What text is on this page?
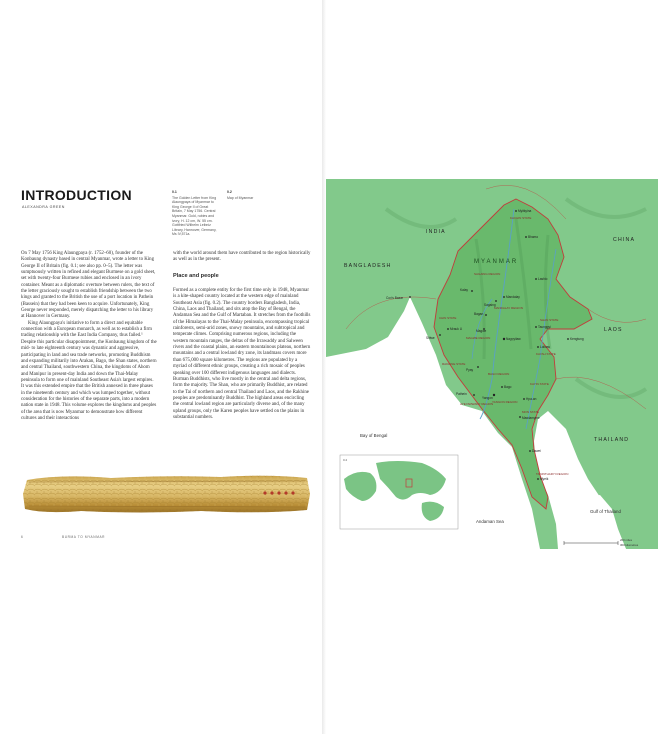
INTRODUCTION
ALEXANDRA GREEN
0.1
The Golden Letter from King Alaungpaya of Myanmar to King George II of Great Britain, 7 May 1756. Central Myanmar. Gold, rubies and ivory, H. 12 cm, W. 55 cm. Gottfried Wilhelm Leibniz Library, Hannover, Germany, Ms IV,571a.
0.2
Map of Myanmar

On 7 May 1756 King Alaungpaya (r. 1752–60), founder of the Konbaung dynasty based in central Myanmar, wrote a letter to King George II of Britain (fig. 0.1; see also pp. 0–5). The letter was sumptuously written in refined and elegant Burmese on a gold sheet, set with twenty-four Burmese rubies and enclosed in an ivory container. Meant as a diplomatic overture between rulers, the text of the letter graciously sought to establish friendship between the two kings and granted to the British the use of a port location in Pathein (Bassein) that they had been keen to acquire. Unfortunately, King George never responded, merely dispatching the letter to his library at Hannover in Germany.

King Alaungpaya's initiative to form a direct and equitable connection with a European monarch, as well as to establish a firm trading relationship with the East India Company, thus failed.¹ Despite this particular disappointment, the Konbaung kingdom of the mid- to late eighteenth century was dynamic and aggressive, participating in land and sea trade networks, promoting Buddhism and expanding militarily into Arakan, Bago, the Shan states, northern and central Thailand, southwestern China, the kingdoms of Ahom and Manipur in present-day India and down the Thai-Malay peninsula to form one of mainland Southeast Asia's largest empires. It was this extended empire that the British annexed in three phases in the nineteenth century and which was lumped together, without consideration for the histories of the separate parts, into a modern nation state in 1948. This volume explores the kingdoms and peoples of the area that is now Myanmar to demonstrate how different cultures and their interactions

with the world around them have contributed to the region historically as well as in the present.

Place and people

Formed as a complete entity for the first time only in 1948, Myanmar is a kite-shaped country located at the western edge of mainland Southeast Asia (fig. 0.2). The country borders Bangladesh, India, China, Laos and Thailand, and sits atop the Bay of Bengal, the Andaman Sea and the Gulf of Martaban. It stretches from the foothills of the Himalayas to the Thai-Malay peninsula, encompassing tropical rainforests, semi-arid zones, snowy mountains, and subtropical and temperate climes. Comprising numerous regions, including the western mountain ranges, the deltas of the Irrawaddy and Salween rivers and the coastal plains, an eastern mountainous plateau, northern mountains and a central lowland dry zone, its landmass covers more than 675,000 square kilometres. The regions are populated by a myriad of different ethnic groups, creating a rich mosaic of peoples speaking over 100 different indigenous languages and dialects. Burman Buddhists, who live mostly in the central and delta regions, form the majority. The Shan, who are primarily Buddhist, are related to the Tai of northern and central Thailand and Laos, and the Rakhine peoples are predominantly Buddhist. The highland areas encircling the central lowland region are particularly diverse and, of the many upland groups, only the Karen peoples have settled on the plains in substantial numbers.

6	BURMA TO MYANMAR
BANGLADESH
INDIA
CHINA
LAOS
THAILAND
MYANMAR
KACHIN STATE
SAGAING REGION
CHIN STATE	SHAN STATE
MANDALAY REGION
MAGWE REGION
RAKHINE STATE
BAGO REGION
KAYAH STATE
KAYIN STATE
MON STATE
AYEYARWADY REGION
YANGON REGION
TANINTHARYI REGION
Myitkyina
Bhamo
Mandalay
Sagaing
Bagan
Magwe
Naypyitaw
Taunggyi
Kengtung
Loikaw
Pyay
Bago
Yangon
Pathein
Mawlamyine
Dawei
Myeik
Sittwe
Mrauk U
Cox's Bazar
Hpa-an
Lashio
Kalay
Bay of Bengal
Andaman Sea
Gulf of Thailand
0.2
200 miles
300 kilometres
